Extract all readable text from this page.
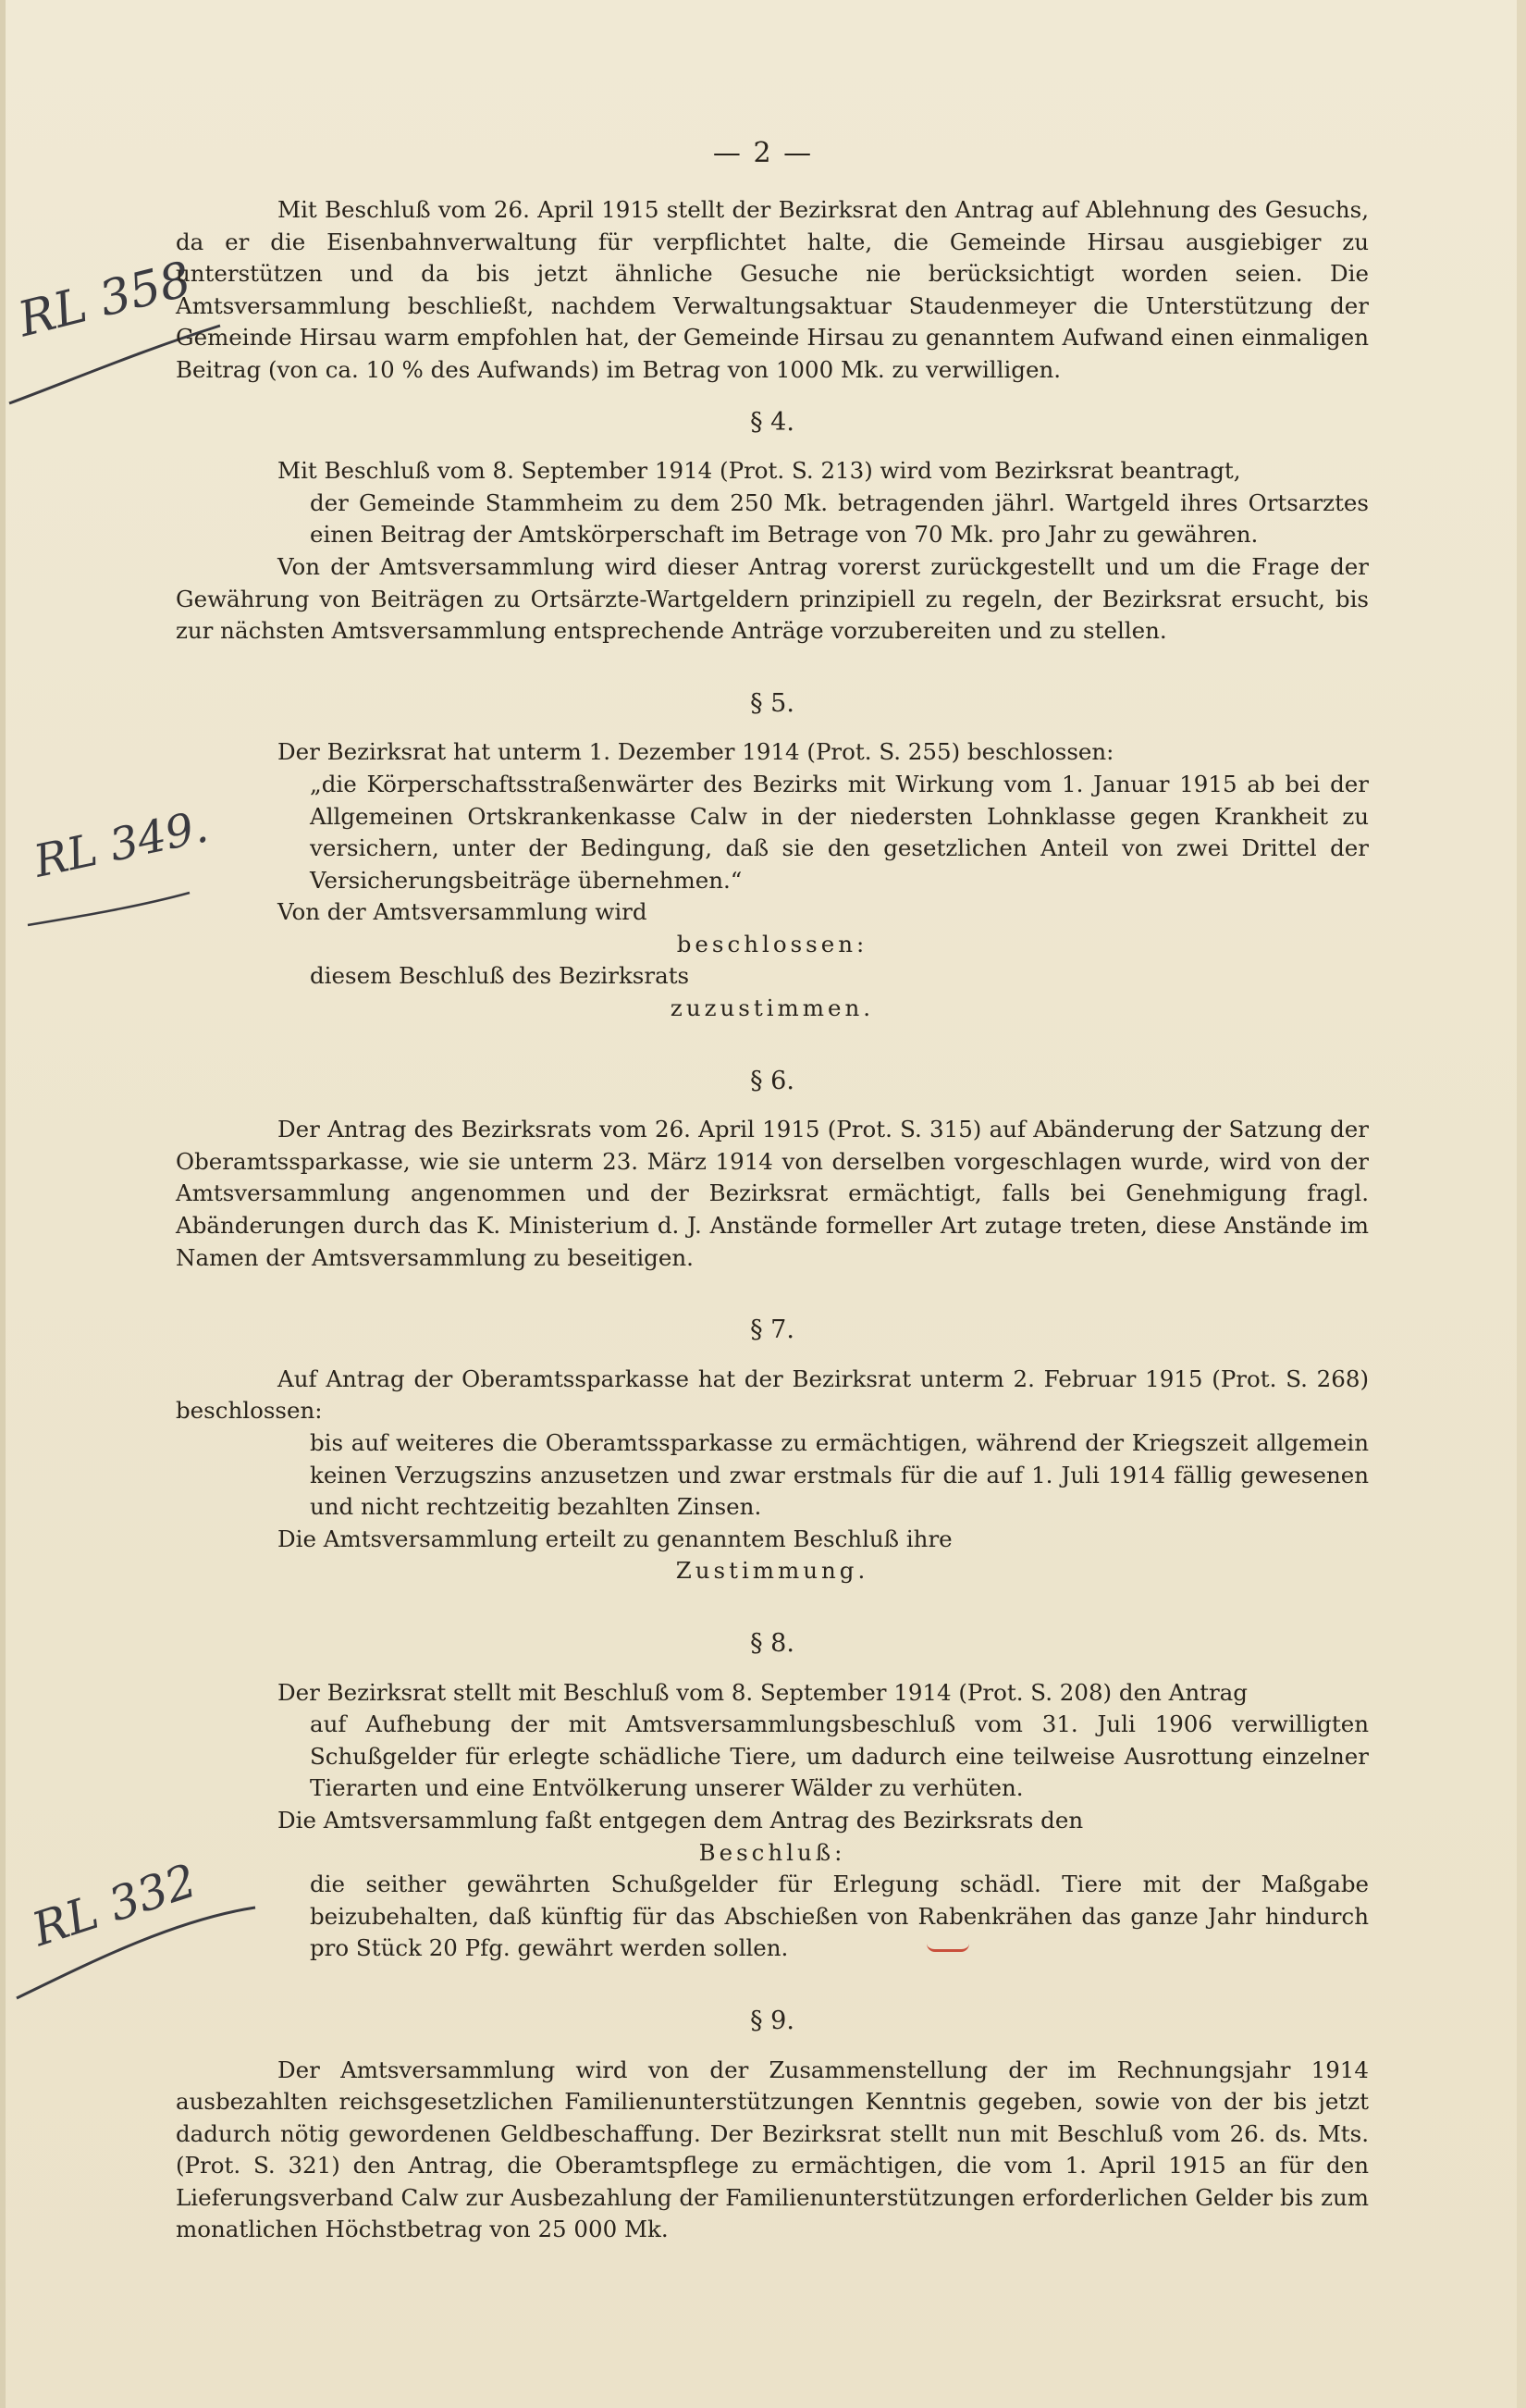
— 2 —
RL 358
RL 349.
RL 332

Mit Beschluß vom 26. April 1915 stellt der Bezirksrat den Antrag auf Ablehnung des Gesuchs, da er die Eisenbahnverwaltung für verpflichtet halte, die Gemeinde Hirsau ausgiebiger zu unterstützen und da bis jetzt ähnliche Gesuche nie berücksichtigt worden seien. Die Amtsversammlung beschließt, nachdem Verwaltungsaktuar Staudenmeyer die Unterstützung der Gemeinde Hirsau warm empfohlen hat, der Gemeinde Hirsau zu genanntem Aufwand einen einmaligen Beitrag (von ca. 10 % des Aufwands) im Betrag von 1000 Mk. zu verwilligen.

§ 4.

Mit Beschluß vom 8. September 1914 (Prot. S. 213) wird vom Bezirksrat beantragt,

der Gemeinde Stammheim zu dem 250 Mk. betragenden jährl. Wartgeld ihres Ortsarztes einen Beitrag der Amtskörperschaft im Betrage von 70 Mk. pro Jahr zu gewähren.

Von der Amtsversammlung wird dieser Antrag vorerst zurückgestellt und um die Frage der Gewährung von Beiträgen zu Ortsärzte-Wartgeldern prinzipiell zu regeln, der Bezirksrat ersucht, bis zur nächsten Amtsversammlung entsprechende Anträge vorzubereiten und zu stellen.

§ 5.

Der Bezirksrat hat unterm 1. Dezember 1914 (Prot. S. 255) beschlossen:

„die Körperschaftsstraßenwärter des Bezirks mit Wirkung vom 1. Januar 1915 ab bei der Allgemeinen Ortskrankenkasse Calw in der niedersten Lohnklasse gegen Krankheit zu versichern, unter der Bedingung, daß sie den gesetzlichen Anteil von zwei Drittel der Versicherungsbeiträge übernehmen.“

Von der Amtsversammlung wird

beschlossen:

diesem Beschluß des Bezirksrats

zuzustimmen.

§ 6.

Der Antrag des Bezirksrats vom 26. April 1915 (Prot. S. 315) auf Abänderung der Satzung der Oberamtssparkasse, wie sie unterm 23. März 1914 von derselben vorgeschlagen wurde, wird von der Amtsversammlung angenommen und der Bezirksrat ermächtigt, falls bei Genehmigung fragl. Abänderungen durch das K. Ministerium d. J. Anstände formeller Art zutage treten, diese Anstände im Namen der Amtsversammlung zu beseitigen.

§ 7.

Auf Antrag der Oberamtssparkasse hat der Bezirksrat unterm 2. Februar 1915 (Prot. S. 268) beschlossen:

bis auf weiteres die Oberamtssparkasse zu ermächtigen, während der Kriegszeit allgemein keinen Verzugszins anzusetzen und zwar erstmals für die auf 1. Juli 1914 fällig gewesenen und nicht rechtzeitig bezahlten Zinsen.

Die Amtsversammlung erteilt zu genanntem Beschluß ihre

Zustimmung.

§ 8.

Der Bezirksrat stellt mit Beschluß vom 8. September 1914 (Prot. S. 208) den Antrag

auf Aufhebung der mit Amtsversammlungsbeschluß vom 31. Juli 1906 verwilligten Schußgelder für erlegte schädliche Tiere, um dadurch eine teilweise Ausrottung einzelner Tierarten und eine Entvölkerung unserer Wälder zu verhüten.

Die Amtsversammlung faßt entgegen dem Antrag des Bezirksrats den

Beschluß:

die seither gewährten Schußgelder für Erlegung schädl. Tiere mit der Maßgabe beizubehalten, daß künftig für das Abschießen von Rabenkrähen das ganze Jahr hindurch pro Stück 20 Pfg. gewährt werden sollen.

§ 9.

Der Amtsversammlung wird von der Zusammenstellung der im Rechnungsjahr 1914 ausbezahlten reichsgesetzlichen Familienunterstützungen Kenntnis gegeben, sowie von der bis jetzt dadurch nötig gewordenen Geldbeschaffung. Der Bezirksrat stellt nun mit Beschluß vom 26. ds. Mts. (Prot. S. 321) den Antrag, die Oberamtspflege zu ermächtigen, die vom 1. April 1915 an für den Lieferungsverband Calw zur Ausbezahlung der Familienunterstützungen erforderlichen Gelder bis zum monatlichen Höchstbetrag von 25 000 Mk.
